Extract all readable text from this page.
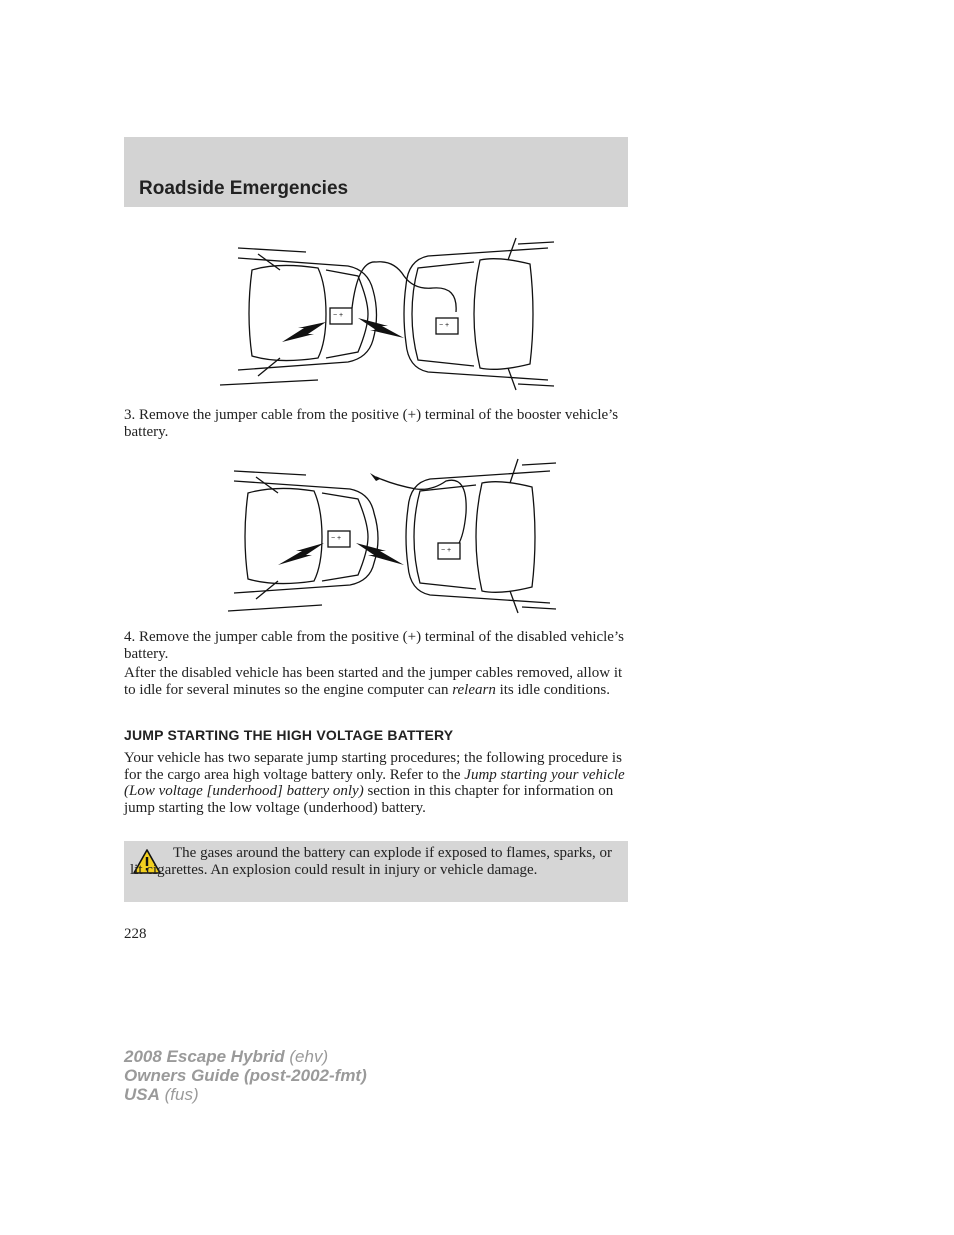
Roadside Emergencies
− +
− +
3. Remove the jumper cable from the positive (+) terminal of the booster vehicle’s battery.
− +
− +
4. Remove the jumper cable from the positive (+) terminal of the disabled vehicle’s battery.
After the disabled vehicle has been started and the jumper cables removed, allow it to idle for several minutes so the engine computer can relearn its idle conditions.
JUMP STARTING THE HIGH VOLTAGE BATTERY
Your vehicle has two separate jump starting procedures; the following procedure is for the cargo area high voltage battery only. Refer to the Jump starting your vehicle (Low voltage [underhood] battery only) section in this chapter for information on jump starting the low voltage (underhood) battery.
The gases around the battery can explode if exposed to flames, sparks, or lit cigarettes. An explosion could result in injury or vehicle damage.
228
2008 Escape Hybrid (ehv)
Owners Guide (post-2002-fmt)
USA (fus)
